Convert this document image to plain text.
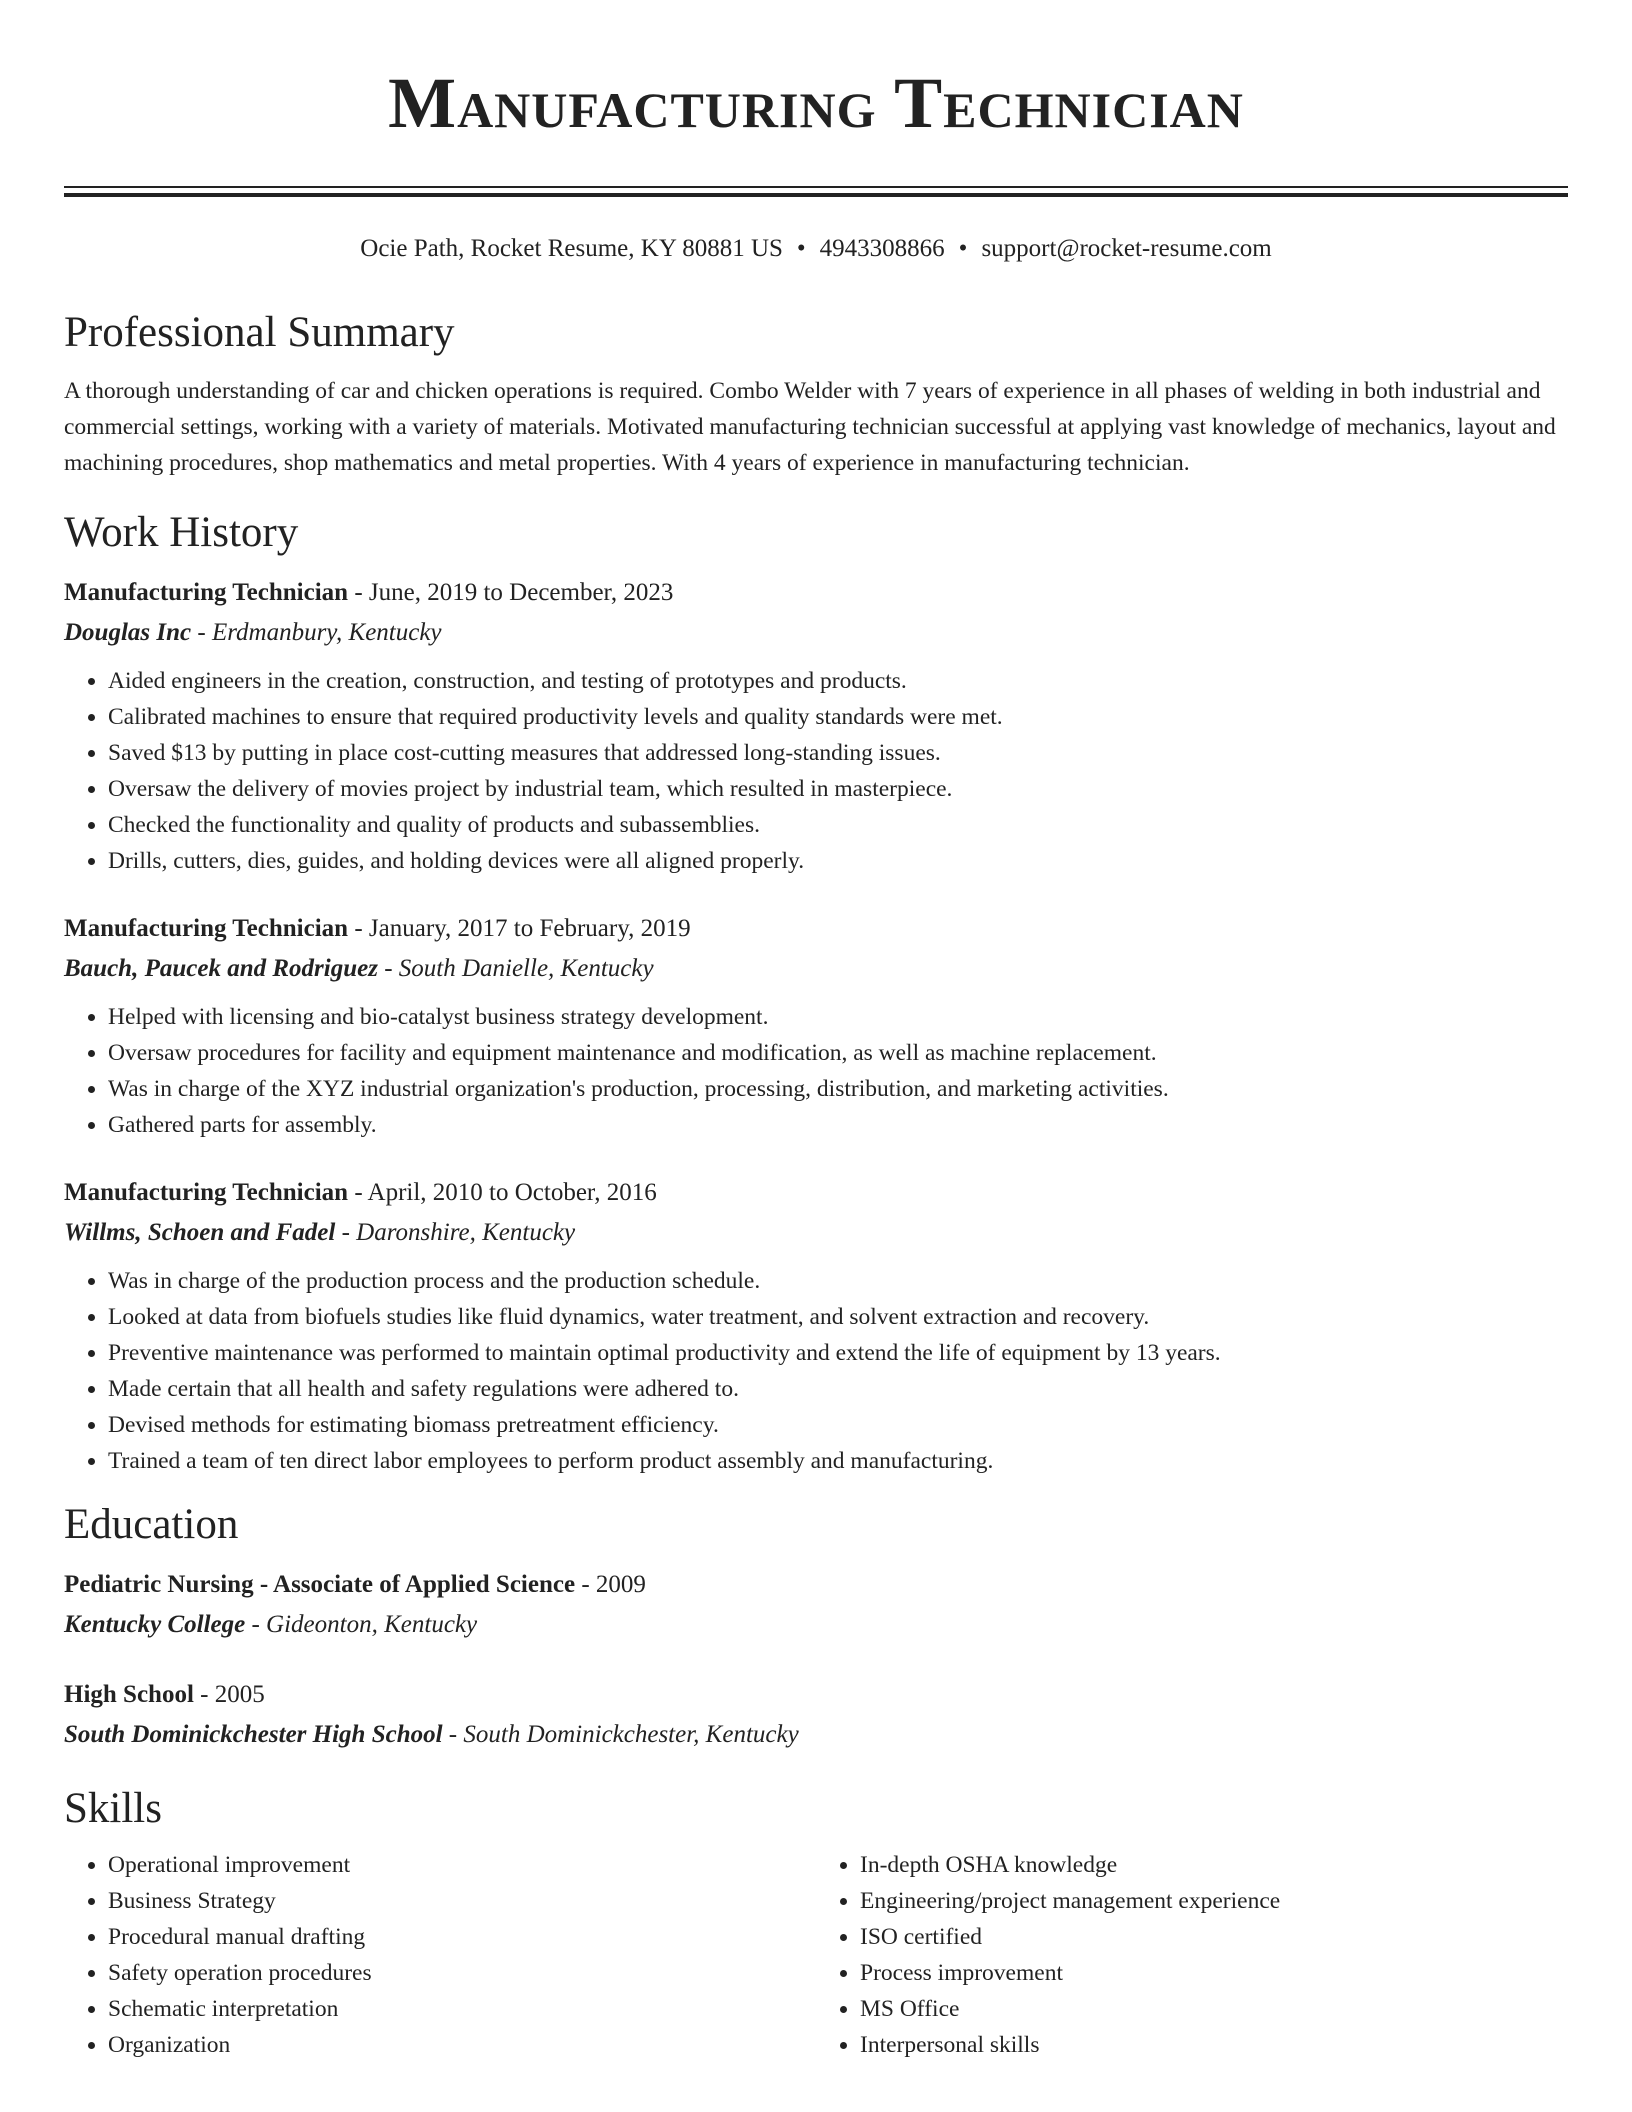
Manufacturing Technician
Ocie Path, Rocket Resume, KY 80881 US • 4943308866 • support@rocket-resume.com
Professional Summary

A thorough understanding of car and chicken operations is required. Combo Welder with 7 years of experience in all phases of welding in both industrial and commercial settings, working with a variety of materials. Motivated manufacturing technician successful at applying vast knowledge of mechanics, layout and machining procedures, shop mathematics and metal properties. With 4 years of experience in manufacturing technician.

Work History
Manufacturing Technician - June, 2019 to December, 2023
Douglas Inc - Erdmanbury, Kentucky
• Aided engineers in the creation, construction, and testing of prototypes and products.
• Calibrated machines to ensure that required productivity levels and quality standards were met.
• Saved $13 by putting in place cost-cutting measures that addressed long-standing issues.
• Oversaw the delivery of movies project by industrial team, which resulted in masterpiece.
• Checked the functionality and quality of products and subassemblies.
• Drills, cutters, dies, guides, and holding devices were all aligned properly.
Manufacturing Technician - January, 2017 to February, 2019
Bauch, Paucek and Rodriguez - South Danielle, Kentucky
• Helped with licensing and bio-catalyst business strategy development.
• Oversaw procedures for facility and equipment maintenance and modification, as well as machine replacement.
• Was in charge of the XYZ industrial organization's production, processing, distribution, and marketing activities.
• Gathered parts for assembly.
Manufacturing Technician - April, 2010 to October, 2016
Willms, Schoen and Fadel - Daronshire, Kentucky
• Was in charge of the production process and the production schedule.
• Looked at data from biofuels studies like fluid dynamics, water treatment, and solvent extraction and recovery.
• Preventive maintenance was performed to maintain optimal productivity and extend the life of equipment by 13 years.
• Made certain that all health and safety regulations were adhered to.
• Devised methods for estimating biomass pretreatment efficiency.
• Trained a team of ten direct labor employees to perform product assembly and manufacturing.
Education
Pediatric Nursing - Associate of Applied Science - 2009
Kentucky College - Gideonton, Kentucky
High School - 2005
South Dominickchester High School - South Dominickchester, Kentucky
Skills
• Operational improvement
• Business Strategy
• Procedural manual drafting
• Safety operation procedures
• Schematic interpretation
• Organization
• In-depth OSHA knowledge
• Engineering/project management experience
• ISO certified
• Process improvement
• MS Office
• Interpersonal skills
